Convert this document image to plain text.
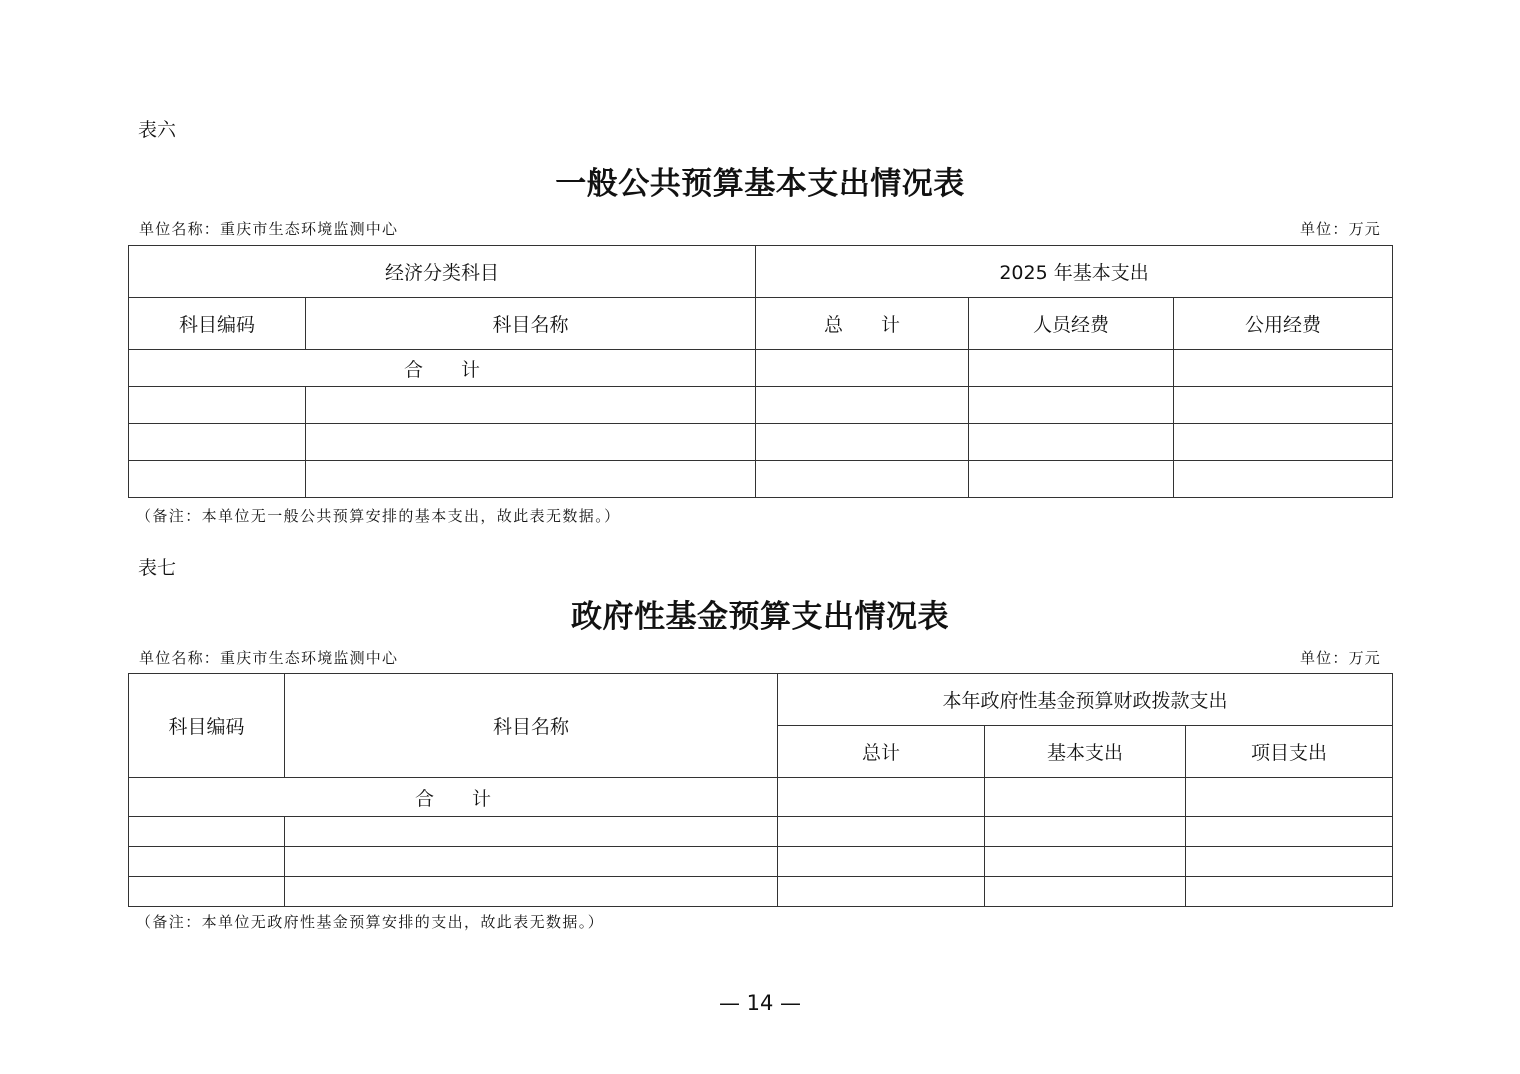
表六
一般公共预算基本支出情况表
单位名称：重庆市生态环境监测中心	单位：万元
经济分类科目		2025 年基本支出		
科目编码	科目名称	总　　计	人员经费	公用经费
合　　计				

（备注：本单位无一般公共预算安排的基本支出，故此表无数据。）
表七
政府性基金预算支出情况表
单位名称：重庆市生态环境监测中心	单位：万元
科目编码	科目名称	本年政府性基金预算财政拨款支出		
		总计	基本支出	项目支出
合　　计				

（备注：本单位无政府性基金预算安排的支出，故此表无数据。）
— 14 —
